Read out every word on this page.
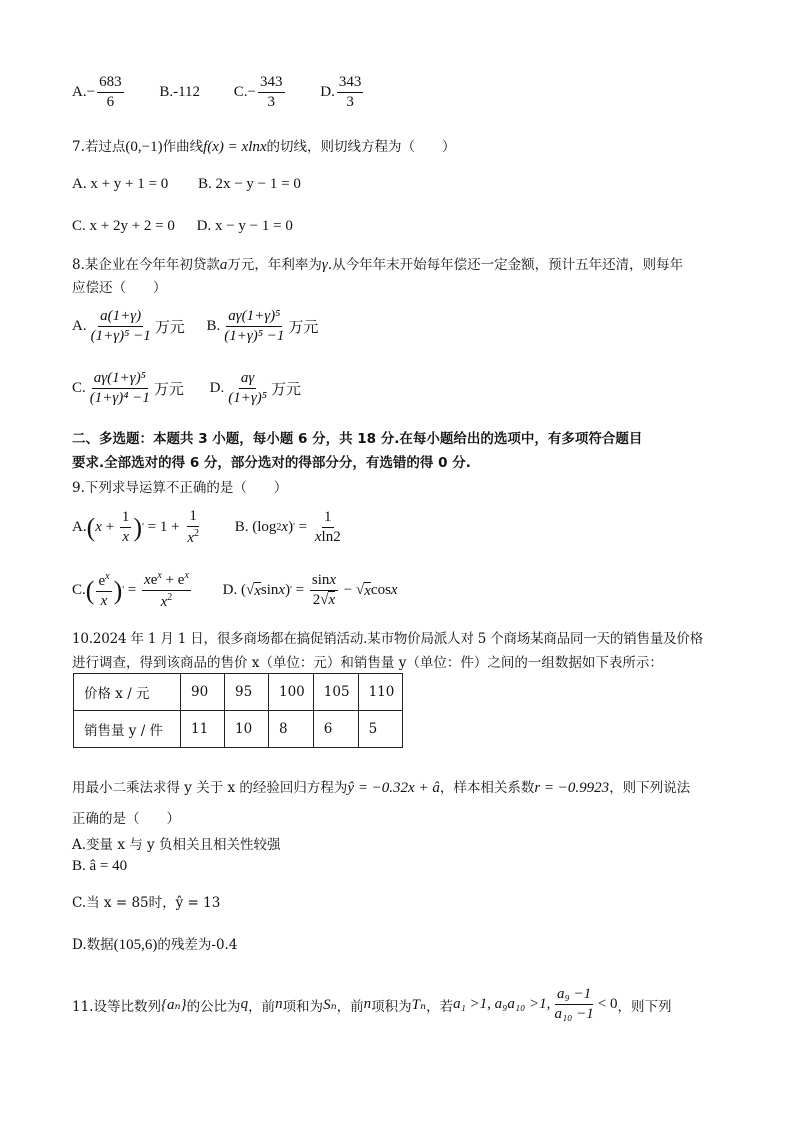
A. − $\frac{683}{6}$
B.-112
C. − $\frac{343}{3}$
D. $\frac{343}{3}$
7.若过点(0,−1)作曲线f(x) = xlnx的切线，则切线方程为（　　）
A. x + y + 1 = 0 B. 2x − y − 1 = 0
C. x + 2y + 2 = 0 D. x − y − 1 = 0
8.某企业在今年年初贷款a万元，年利率为γ.从今年年末开始每年偿还一定金额，预计五年还清，则每年
应偿还（　　）
A. $\frac{a(1+\gamma)}{\text{(1+γ)⁵ −1}}$ 万元
B. $\frac{\text{aγ(1+γ)⁵}}{\text{(1+γ)⁵ −1}}$ 万元
C. $\frac{\text{aγ(1+γ)⁵}}{\text{(1+γ)⁴ −1}}$ 万元
D. $\frac{a\gamma}{\text{(1+γ)⁵}}$ 万元
二、多选题：本题共 3 小题，每小题 6 分，共 18 分.在每小题给出的选项中，有多项符合题目
要求.全部选对的得 6 分，部分选对的得部分分，有选错的得 0 分.
9.下列求导运算不正确的是（　　）
A. ( $x + \frac{1}{x}$ ) ' = $1 + \frac{1}{x^2}$
B. (log 2 x ) ' = $\frac{1}{xln2}$
C. ( $\frac{e^x}{x}$ ) ' = $\frac{xe^x + e^x}{x^2}$
D. (√ x sin x ) ' = $\frac{\sin x}{2√x}$ − √ x cos x
10.2024 年 1 月 1 日，很多商场都在搞促销活动.某市物价局派人对 5 个商场某商品同一天的销售量及价格
进行调查，得到该商品的售价 x（单位：元）和销售量 y（单位：件）之间的一组数据如下表所示：
价格 x / 元	90	95	100	105	110
销售量 y / 件	11	10	8	6	5
用最小二乘法求得 y 关于 x 的经验回归方程为ŷ = −0.32x + â，样本相关系数r = −0.9923，则下列说法
正确的是（　　）
A.变量 x 与 y 负相关且相关性较强
B. â = 40
C.当 x = 85时，ŷ = 13
D.数据(105,6)的残差为-0.4
11.设等比数列 {aₙ} 的公比为 q ，前 n 项和为 Sₙ ，前 n 项积为 Tₙ ，若 a₁ >1, a₉a₁₀ >1, $\frac{\text{a₉ −1}}{\text{a₁₀ −1}} < 0$ ，则下列
